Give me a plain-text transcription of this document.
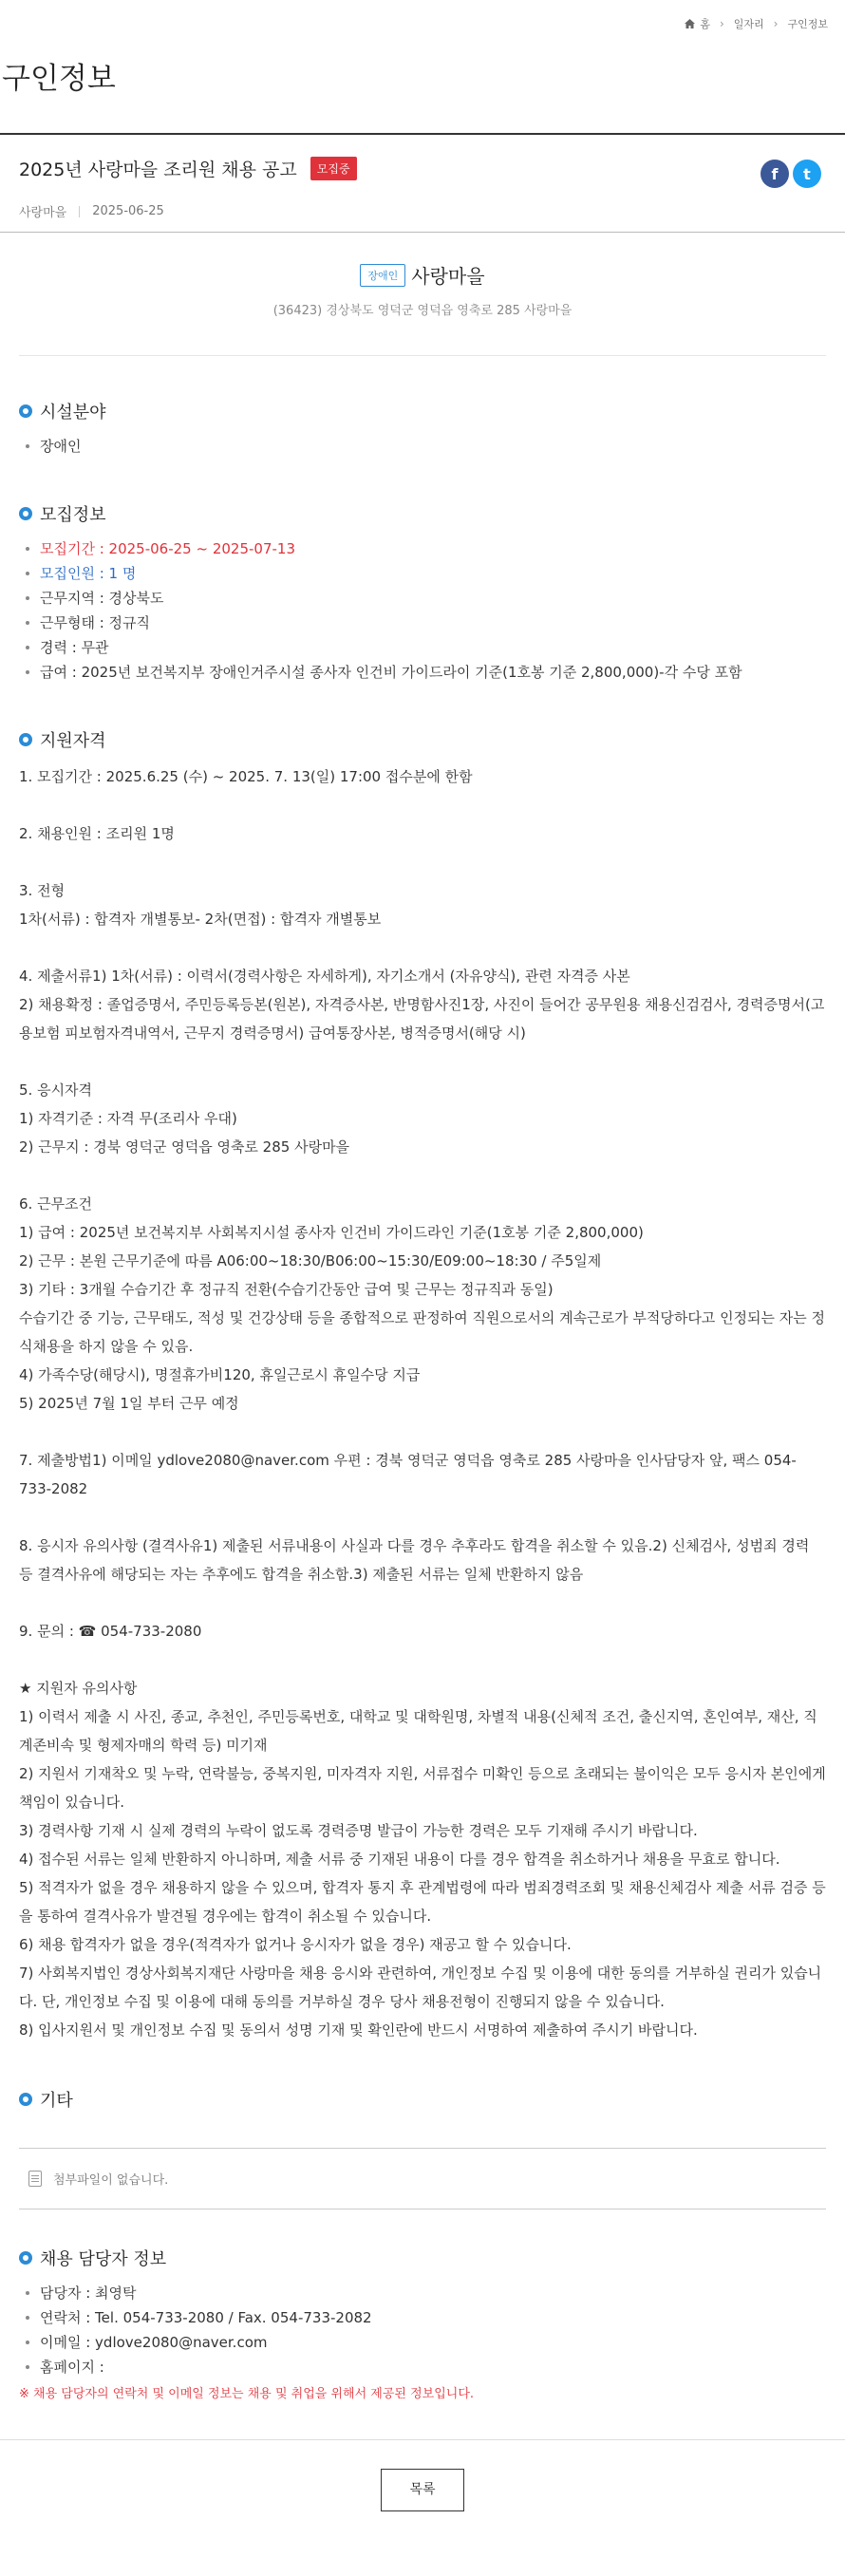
홈 › 일자리 › 구인정보
구인정보
2025년 사랑마을 조리원 채용 공고	모집중
사랑마을 2025-06-25
f	t
장애인 사랑마을
(36423) 경상북도 영덕군 영덕읍 영축로 285 사랑마을
시설분야
장애인
모집정보
모집기간 : 2025-06-25 ~ 2025-07-13
모집인원 : 1 명
근무지역 : 경상북도
근무형태 : 정규직
경력 : 무관
급여 : 2025년 보건복지부 장애인거주시설 종사자 인건비 가이드라이 기준(1호봉 기준 2,800,000)-각 수당 포함
지원자격

1. 모집기간 : 2025.6.25 (수) ~ 2025. 7. 13(일) 17:00 접수분에 한함

2. 채용인원 : 조리원 1명

3. 전형

1차(서류) : 합격자 개별통보- 2차(면접) : 합격자 개별통보

4. 제출서류1) 1차(서류) : 이력서(경력사항은 자세하게), 자기소개서 (자유양식), 관련 자격증 사본

2) 채용확정 : 졸업증명서, 주민등록등본(원본), 자격증사본, 반명함사진1장, 사진이 들어간 공무원용 채용신검검사, 경력증명서(고용보험 피보험자격내역서, 근무지 경력증명서) 급여통장사본, 병적증명서(해당 시)

5. 응시자격

1) 자격기준 : 자격 무(조리사 우대)

2) 근무지 : 경북 영덕군 영덕읍 영축로 285 사랑마을

6. 근무조건

1) 급여 : 2025년 보건복지부 사회복지시설 종사자 인건비 가이드라인 기준(1호봉 기준 2,800,000)

2) 근무 : 본원 근무기준에 따름 A06:00~18:30/B06:00~15:30/E09:00~18:30 / 주5일제

3) 기타 : 3개월 수습기간 후 정규직 전환(수습기간동안 급여 및 근무는 정규직과 동일)

수습기간 중 기능, 근무태도, 적성 및 건강상태 등을 종합적으로 판정하여 직원으로서의 계속근로가 부적당하다고 인정되는 자는 정식채용을 하지 않을 수 있음.

4) 가족수당(해당시), 명절휴가비120, 휴일근로시 휴일수당 지급

5) 2025년 7월 1일 부터 근무 예정

7. 제출방법1) 이메일 ydlove2080@naver.com 우편 : 경북 영덕군 영덕읍 영축로 285 사랑마을 인사담당자 앞, 팩스 054-733-2082

8. 응시자 유의사항 (결격사유1) 제출된 서류내용이 사실과 다를 경우 추후라도 합격을 취소할 수 있음.2) 신체검사, 성범죄 경력 등 결격사유에 해당되는 자는 추후에도 합격을 취소함.3) 제출된 서류는 일체 반환하지 않음

9. 문의 : ☎ 054-733-2080

★ 지원자 유의사항

1) 이력서 제출 시 사진, 종교, 추천인, 주민등록번호, 대학교 및 대학원명, 차별적 내용(신체적 조건, 출신지역, 혼인여부, 재산, 직계존비속 및 형제자매의 학력 등) 미기재

2) 지원서 기재착오 및 누락, 연락불능, 중복지원, 미자격자 지원, 서류접수 미확인 등으로 초래되는 불이익은 모두 응시자 본인에게 책임이 있습니다.

3) 경력사항 기재 시 실제 경력의 누락이 없도록 경력증명 발급이 가능한 경력은 모두 기재해 주시기 바랍니다.

4) 접수된 서류는 일체 반환하지 아니하며, 제출 서류 중 기재된 내용이 다를 경우 합격을 취소하거나 채용을 무효로 합니다.

5) 적격자가 없을 경우 채용하지 않을 수 있으며, 합격자 통지 후 관계법령에 따라 범죄경력조회 및 채용신체검사 제출 서류 검증 등을 통하여 결격사유가 발견될 경우에는 합격이 취소될 수 있습니다.

6) 채용 합격자가 없을 경우(적격자가 없거나 응시자가 없을 경우) 재공고 할 수 있습니다.

7) 사회복지법인 경상사회복지재단 사랑마을 채용 응시와 관련하여, 개인정보 수집 및 이용에 대한 동의를 거부하실 권리가 있습니다. 단, 개인정보 수집 및 이용에 대해 동의를 거부하실 경우 당사 채용전형이 진행되지 않을 수 있습니다.

8) 입사지원서 및 개인정보 수집 및 동의서 성명 기재 및 확인란에 반드시 서명하여 제출하여 주시기 바랍니다.

기타
첨부파일이 없습니다.
채용 담당자 정보
담당자 : 최영탁
연락처 : Tel. 054-733-2080 / Fax. 054-733-2082
이메일 : ydlove2080@naver.com
홈페이지 :
※ 채용 담당자의 연락처 및 이메일 정보는 채용 및 취업을 위해서 제공된 정보입니다.
목록
